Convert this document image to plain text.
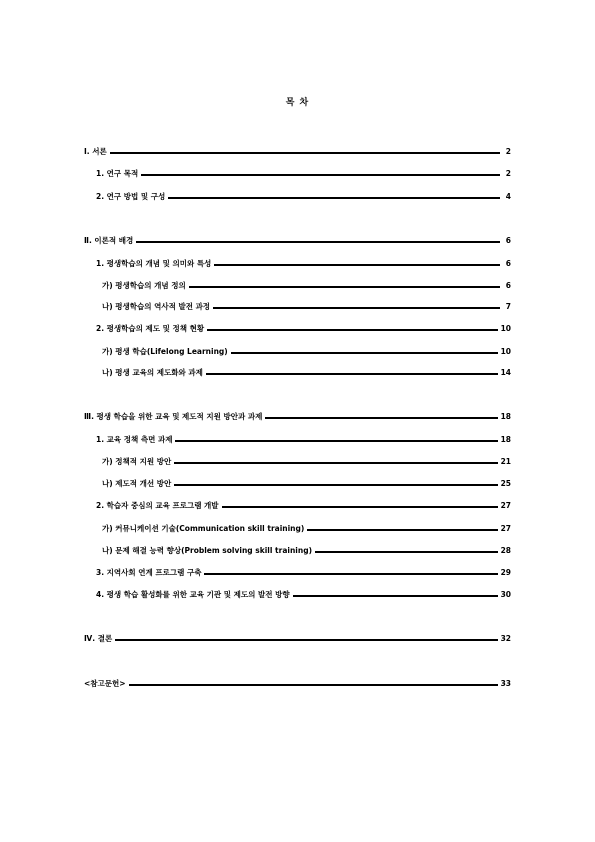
목 차
Ⅰ. 서론	2
1. 연구 목적	2
2. 연구 방법 및 구성	4
Ⅱ. 이론적 배경	6
1. 평생학습의 개념 및 의미와 특성	6
가) 평생학습의 개념 정의	6
나) 평생학습의 역사적 발전 과정	7
2. 평생학습의 제도 및 정책 현황	10
가) 평생 학습(Lifelong Learning)	10
나) 평생 교육의 제도화와 과제	14
Ⅲ. 평생 학습을 위한 교육 및 제도적 지원 방안과 과제	18
1. 교육 정책 측면 과제	18
가) 정책적 지원 방안	21
나) 제도적 개선 방안	25
2. 학습자 중심의 교육 프로그램 개발	27
가) 커뮤니케이션 기술(Communication skill training)	27
나) 문제 해결 능력 향상(Problem solving skill training)	28
3. 지역사회 연계 프로그램 구축	29
4. 평생 학습 활성화를 위한 교육 기관 및 제도의 발전 방향	30
Ⅳ. 결론	32
<참고문헌>	33
